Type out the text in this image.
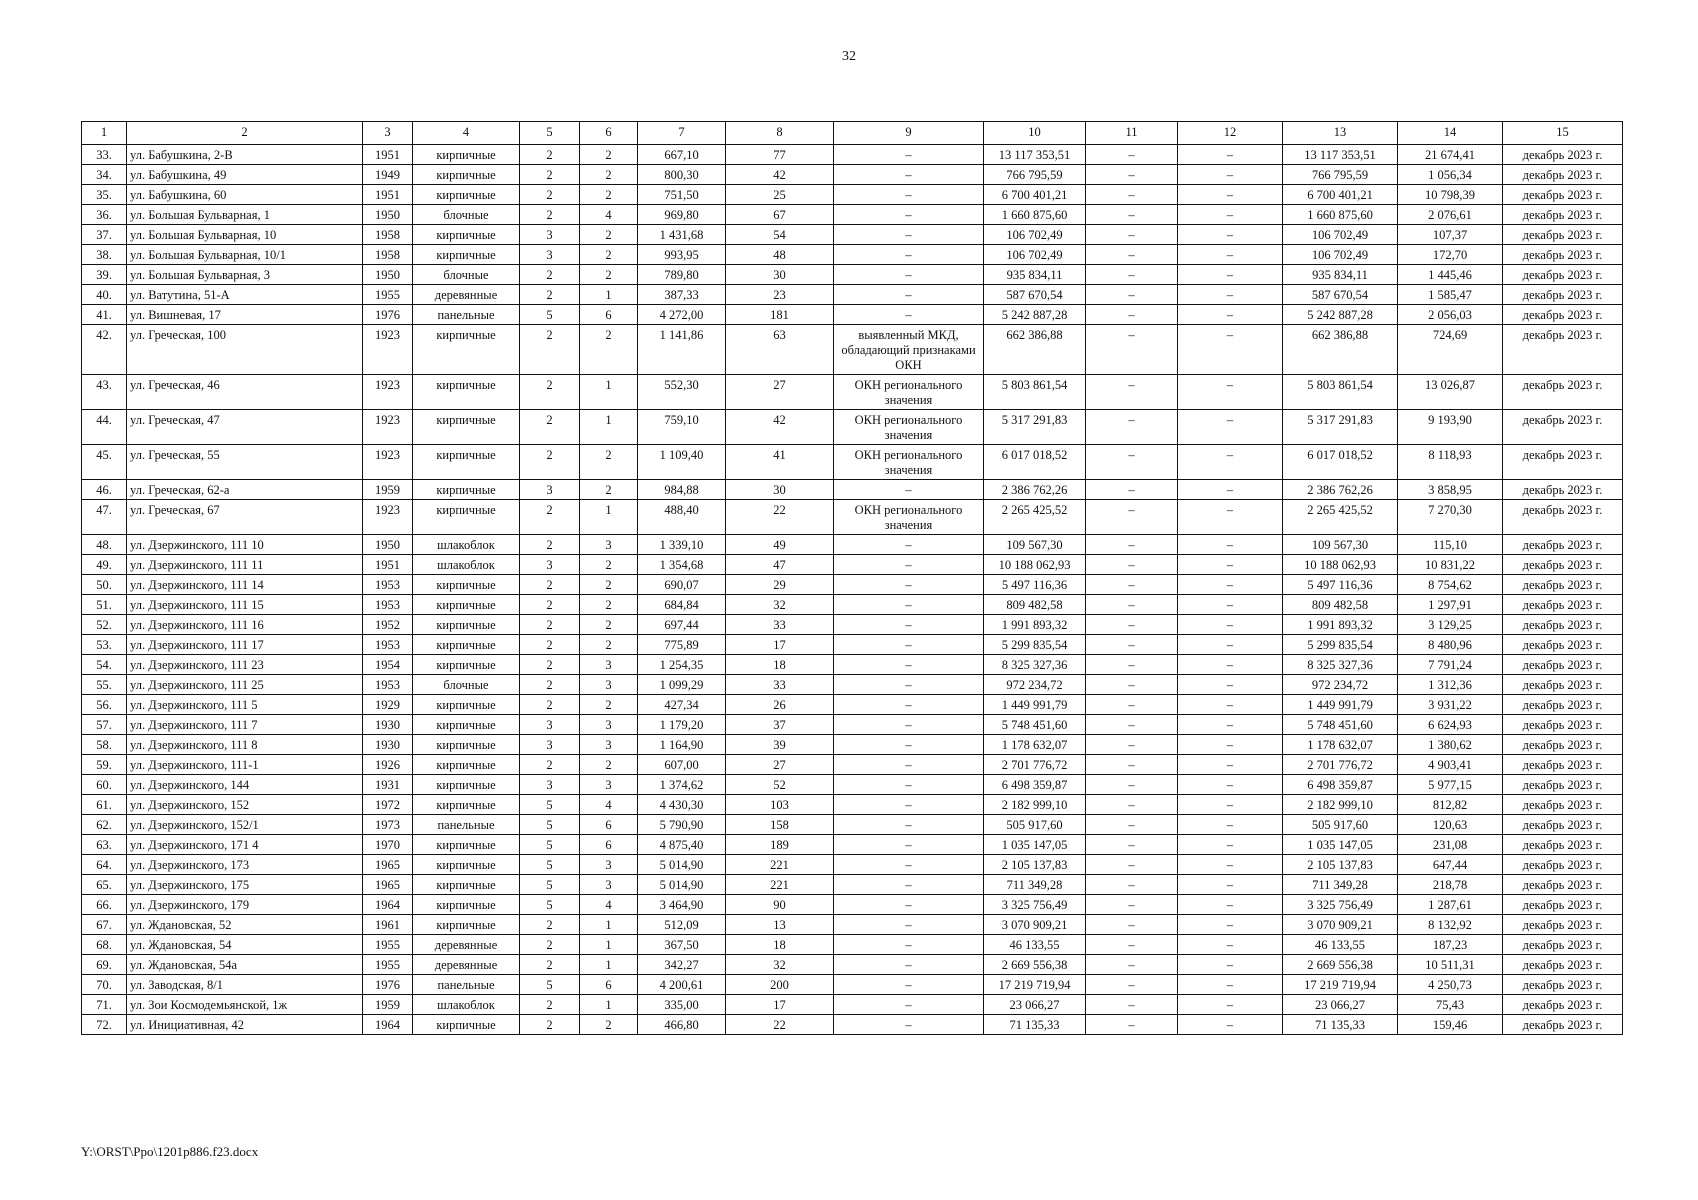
32
1	2	3	4	5	6	7	8	9	10	11	12	13	14	15
33.	ул. Бабушкина, 2-В	1951	кирпичные	2	2	667,10	77	–	13 117 353,51	–	–	13 117 353,51	21 674,41	декабрь 2023 г.
34.	ул. Бабушкина, 49	1949	кирпичные	2	2	800,30	42	–	766 795,59	–	–	766 795,59	1 056,34	декабрь 2023 г.
35.	ул. Бабушкина, 60	1951	кирпичные	2	2	751,50	25	–	6 700 401,21	–	–	6 700 401,21	10 798,39	декабрь 2023 г.
36.	ул. Большая Бульварная, 1	1950	блочные	2	4	969,80	67	–	1 660 875,60	–	–	1 660 875,60	2 076,61	декабрь 2023 г.
37.	ул. Большая Бульварная, 10	1958	кирпичные	3	2	1 431,68	54	–	106 702,49	–	–	106 702,49	107,37	декабрь 2023 г.
38.	ул. Большая Бульварная, 10/1	1958	кирпичные	3	2	993,95	48	–	106 702,49	–	–	106 702,49	172,70	декабрь 2023 г.
39.	ул. Большая Бульварная, 3	1950	блочные	2	2	789,80	30	–	935 834,11	–	–	935 834,11	1 445,46	декабрь 2023 г.
40.	ул. Ватутина, 51-А	1955	деревянные	2	1	387,33	23	–	587 670,54	–	–	587 670,54	1 585,47	декабрь 2023 г.
41.	ул. Вишневая, 17	1976	панельные	5	6	4 272,00	181	–	5 242 887,28	–	–	5 242 887,28	2 056,03	декабрь 2023 г.
42.	ул. Греческая, 100	1923	кирпичные	2	2	1 141,86	63	выявленный МКД, обладающий признаками ОКН	662 386,88	–	–	662 386,88	724,69	декабрь 2023 г.
43.	ул. Греческая, 46	1923	кирпичные	2	1	552,30	27	ОКН регионального значения	5 803 861,54	–	–	5 803 861,54	13 026,87	декабрь 2023 г.
44.	ул. Греческая, 47	1923	кирпичные	2	1	759,10	42	ОКН регионального значения	5 317 291,83	–	–	5 317 291,83	9 193,90	декабрь 2023 г.
45.	ул. Греческая, 55	1923	кирпичные	2	2	1 109,40	41	ОКН регионального значения	6 017 018,52	–	–	6 017 018,52	8 118,93	декабрь 2023 г.
46.	ул. Греческая, 62-а	1959	кирпичные	3	2	984,88	30	–	2 386 762,26	–	–	2 386 762,26	3 858,95	декабрь 2023 г.
47.	ул. Греческая, 67	1923	кирпичные	2	1	488,40	22	ОКН регионального значения	2 265 425,52	–	–	2 265 425,52	7 270,30	декабрь 2023 г.
48.	ул. Дзержинского, 111 10	1950	шлакоблок	2	3	1 339,10	49	–	109 567,30	–	–	109 567,30	115,10	декабрь 2023 г.
49.	ул. Дзержинского, 111 11	1951	шлакоблок	3	2	1 354,68	47	–	10 188 062,93	–	–	10 188 062,93	10 831,22	декабрь 2023 г.
50.	ул. Дзержинского, 111 14	1953	кирпичные	2	2	690,07	29	–	5 497 116,36	–	–	5 497 116,36	8 754,62	декабрь 2023 г.
51.	ул. Дзержинского, 111 15	1953	кирпичные	2	2	684,84	32	–	809 482,58	–	–	809 482,58	1 297,91	декабрь 2023 г.
52.	ул. Дзержинского, 111 16	1952	кирпичные	2	2	697,44	33	–	1 991 893,32	–	–	1 991 893,32	3 129,25	декабрь 2023 г.
53.	ул. Дзержинского, 111 17	1953	кирпичные	2	2	775,89	17	–	5 299 835,54	–	–	5 299 835,54	8 480,96	декабрь 2023 г.
54.	ул. Дзержинского, 111 23	1954	кирпичные	2	3	1 254,35	18	–	8 325 327,36	–	–	8 325 327,36	7 791,24	декабрь 2023 г.
55.	ул. Дзержинского, 111 25	1953	блочные	2	3	1 099,29	33	–	972 234,72	–	–	972 234,72	1 312,36	декабрь 2023 г.
56.	ул. Дзержинского, 111 5	1929	кирпичные	2	2	427,34	26	–	1 449 991,79	–	–	1 449 991,79	3 931,22	декабрь 2023 г.
57.	ул. Дзержинского, 111 7	1930	кирпичные	3	3	1 179,20	37	–	5 748 451,60	–	–	5 748 451,60	6 624,93	декабрь 2023 г.
58.	ул. Дзержинского, 111 8	1930	кирпичные	3	3	1 164,90	39	–	1 178 632,07	–	–	1 178 632,07	1 380,62	декабрь 2023 г.
59.	ул. Дзержинского, 111-1	1926	кирпичные	2	2	607,00	27	–	2 701 776,72	–	–	2 701 776,72	4 903,41	декабрь 2023 г.
60.	ул. Дзержинского, 144	1931	кирпичные	3	3	1 374,62	52	–	6 498 359,87	–	–	6 498 359,87	5 977,15	декабрь 2023 г.
61.	ул. Дзержинского, 152	1972	кирпичные	5	4	4 430,30	103	–	2 182 999,10	–	–	2 182 999,10	812,82	декабрь 2023 г.
62.	ул. Дзержинского, 152/1	1973	панельные	5	6	5 790,90	158	–	505 917,60	–	–	505 917,60	120,63	декабрь 2023 г.
63.	ул. Дзержинского, 171 4	1970	кирпичные	5	6	4 875,40	189	–	1 035 147,05	–	–	1 035 147,05	231,08	декабрь 2023 г.
64.	ул. Дзержинского, 173	1965	кирпичные	5	3	5 014,90	221	–	2 105 137,83	–	–	2 105 137,83	647,44	декабрь 2023 г.
65.	ул. Дзержинского, 175	1965	кирпичные	5	3	5 014,90	221	–	711 349,28	–	–	711 349,28	218,78	декабрь 2023 г.
66.	ул. Дзержинского, 179	1964	кирпичные	5	4	3 464,90	90	–	3 325 756,49	–	–	3 325 756,49	1 287,61	декабрь 2023 г.
67.	ул. Ждановская, 52	1961	кирпичные	2	1	512,09	13	–	3 070 909,21	–	–	3 070 909,21	8 132,92	декабрь 2023 г.
68.	ул. Ждановская, 54	1955	деревянные	2	1	367,50	18	–	46 133,55	–	–	46 133,55	187,23	декабрь 2023 г.
69.	ул. Ждановская, 54а	1955	деревянные	2	1	342,27	32	–	2 669 556,38	–	–	2 669 556,38	10 511,31	декабрь 2023 г.
70.	ул. Заводская, 8/1	1976	панельные	5	6	4 200,61	200	–	17 219 719,94	–	–	17 219 719,94	4 250,73	декабрь 2023 г.
71.	ул. Зои Космодемьянской, 1ж	1959	шлакоблок	2	1	335,00	17	–	23 066,27	–	–	23 066,27	75,43	декабрь 2023 г.
72.	ул. Инициативная, 42	1964	кирпичные	2	2	466,80	22	–	71 135,33	–	–	71 135,33	159,46	декабрь 2023 г.
Y:\ORST\Ppo\1201p886.f23.docx
